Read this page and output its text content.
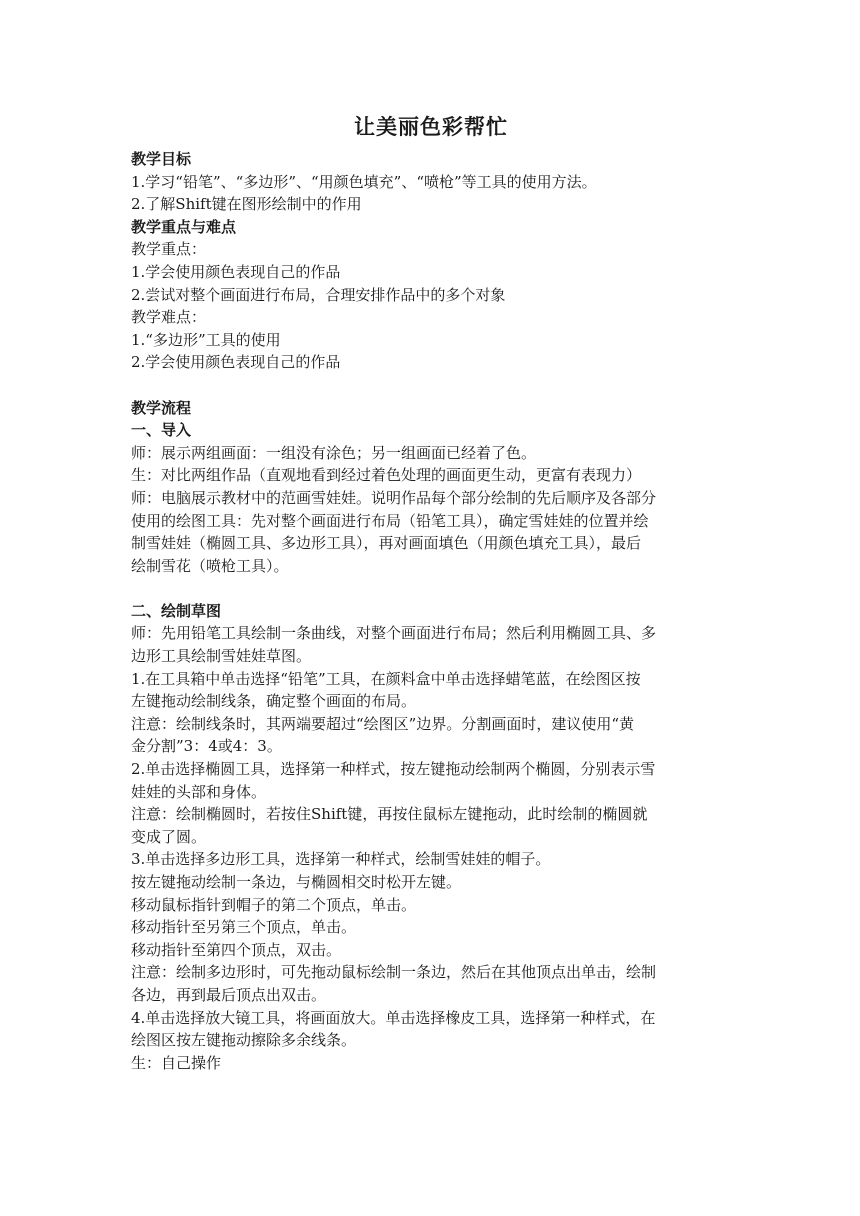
让美丽色彩帮忙
教学目标
1.学习“铅笔”、“多边形”、“用颜色填充”、“喷枪”等工具的使用方法。
2.了解Shift键在图形绘制中的作用
教学重点与难点
教学重点：
1.学会使用颜色表现自己的作品
2.尝试对整个画面进行布局，合理安排作品中的多个对象
教学难点：
1.“多边形”工具的使用
2.学会使用颜色表现自己的作品
教学流程
一、导入
师：展示两组画面：一组没有涂色；另一组画面已经着了色。
生：对比两组作品（直观地看到经过着色处理的画面更生动，更富有表现力）
师：电脑展示教材中的范画雪娃娃。说明作品每个部分绘制的先后顺序及各部分
使用的绘图工具：先对整个画面进行布局（铅笔工具），确定雪娃娃的位置并绘
制雪娃娃（椭圆工具、多边形工具），再对画面填色（用颜色填充工具），最后
绘制雪花（喷枪工具）。
二、绘制草图
师：先用铅笔工具绘制一条曲线，对整个画面进行布局；然后利用椭圆工具、多
边形工具绘制雪娃娃草图。
1.在工具箱中单击选择“铅笔”工具，在颜料盒中单击选择蜡笔蓝，在绘图区按
左键拖动绘制线条，确定整个画面的布局。
注意：绘制线条时，其两端要超过“绘图区”边界。分割画面时，建议使用“黄
金分割”3：4或4：3。
2.单击选择椭圆工具，选择第一种样式，按左键拖动绘制两个椭圆，分别表示雪
娃娃的头部和身体。
注意：绘制椭圆时，若按住Shift键，再按住鼠标左键拖动，此时绘制的椭圆就
变成了圆。
3.单击选择多边形工具，选择第一种样式，绘制雪娃娃的帽子。
按左键拖动绘制一条边，与椭圆相交时松开左键。
移动鼠标指针到帽子的第二个顶点，单击。
移动指针至另第三个顶点，单击。
移动指针至第四个顶点，双击。
注意：绘制多边形时，可先拖动鼠标绘制一条边，然后在其他顶点出单击，绘制
各边，再到最后顶点出双击。
4.单击选择放大镜工具，将画面放大。单击选择橡皮工具，选择第一种样式，在
绘图区按左键拖动擦除多余线条。
生：自己操作
